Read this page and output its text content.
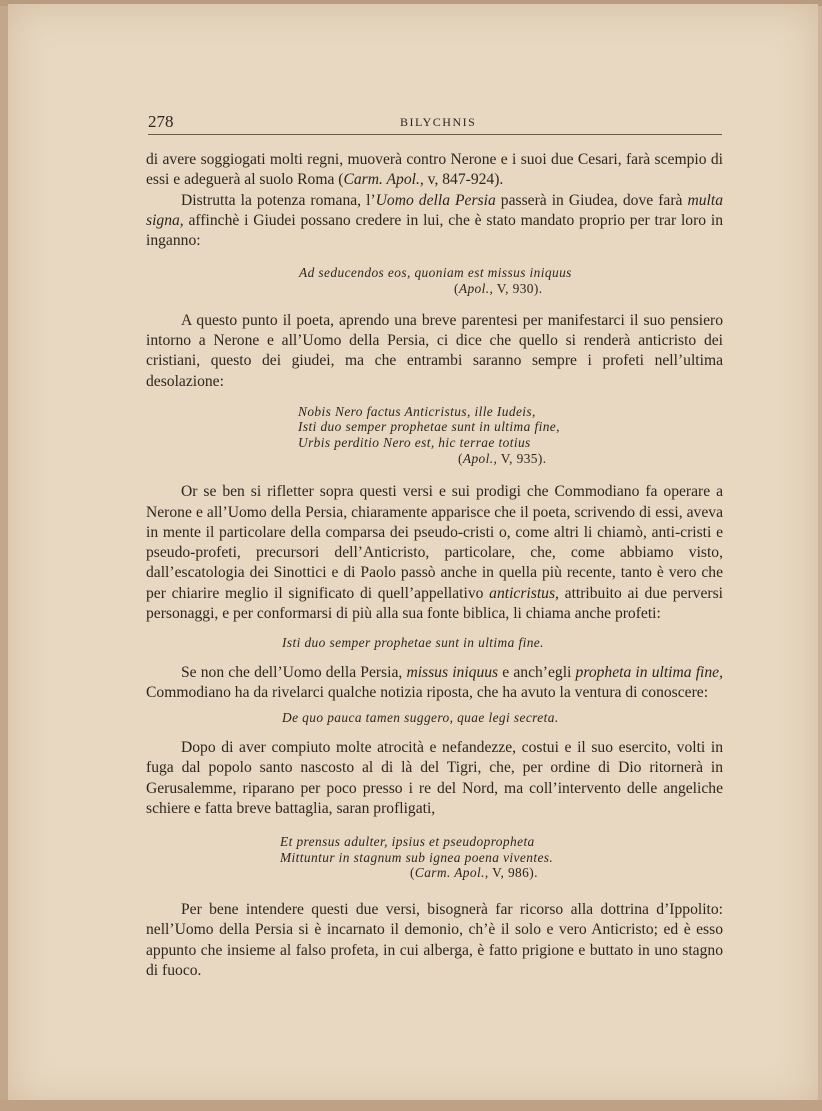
278	BILYCHNIS

di avere soggiogati molti regni, muoverà contro Nerone e i suoi due Cesari, farà scempio di essi e adeguerà al suolo Roma (Carm. Apol., v, 847-924).

Distrutta la potenza romana, l’Uomo della Persia passerà in Giudea, dove farà multa signa, affinchè i Giudei possano credere in lui, che è stato mandato proprio per trar loro in inganno:

Ad seducendos eos, quoniam est missus iniquus
(Apol., V, 930).

A questo punto il poeta, aprendo una breve parentesi per manifestarci il suo pensiero intorno a Nerone e all’Uomo della Persia, ci dice che quello si renderà anticristo dei cristiani, questo dei giudei, ma che entrambi saranno sempre i profeti nell’ultima desolazione:

Nobis Nero factus Anticristus, ille Iudeis,
Isti duo semper prophetae sunt in ultima fine,
Urbis perditio Nero est, hic terrae totius
(Apol., V, 935).

Or se ben si rifletter sopra questi versi e sui prodigi che Commodiano fa operare a Nerone e all’Uomo della Persia, chiaramente apparisce che il poeta, scrivendo di essi, aveva in mente il particolare della comparsa dei pseudo-cristi o, come altri li chiamò, anti-cristi e pseudo-profeti, precursori dell’Anticristo, particolare, che, come abbiamo visto, dall’escatologia dei Sinottici e di Paolo passò anche in quella più recente, tanto è vero che per chiarire meglio il significato di quell’appellativo anticristus, attribuito ai due perversi personaggi, e per conformarsi di più alla sua fonte biblica, li chiama anche profeti:

Isti duo semper prophetae sunt in ultima fine.

Se non che dell’Uomo della Persia, missus iniquus e anch’egli propheta in ultima fine, Commodiano ha da rivelarci qualche notizia riposta, che ha avuto la ventura di conoscere:

De quo pauca tamen suggero, quae legi secreta.

Dopo di aver compiuto molte atrocità e nefandezze, costui e il suo esercito, volti in fuga dal popolo santo nascosto al di là del Tigri, che, per ordine di Dio ritornerà in Gerusalemme, riparano per poco presso i re del Nord, ma coll’intervento delle angeliche schiere e fatta breve battaglia, saran profligati,

Et prensus adulter, ipsius et pseudopropheta
Mittuntur in stagnum sub ignea poena viventes.
(Carm. Apol., V, 986).

Per bene intendere questi due versi, bisognerà far ricorso alla dottrina d’Ippolito: nell’Uomo della Persia si è incarnato il demonio, ch’è il solo e vero Anticristo; ed è esso appunto che insieme al falso profeta, in cui alberga, è fatto prigione e buttato in uno stagno di fuoco.
